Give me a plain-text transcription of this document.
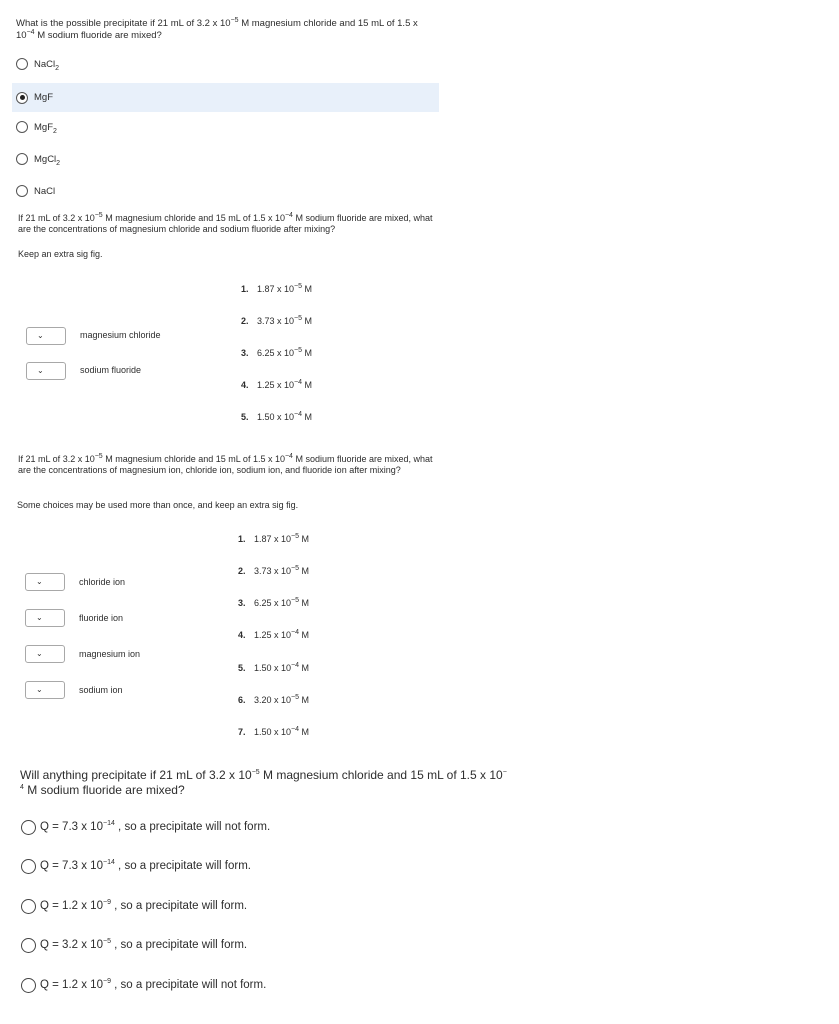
What is the possible precipitate if 21 mL of 3.2 x $10^{-5}$ M magnesium chloride and 15 mL of 1.5 x $10^{-4}$ M sodium fluoride are mixed?
NaCl$_2$
MgF
MgF$_2$
MgCl$_2$
NaCl
If 21 mL of 3.2 x $10^{-5}$ M magnesium chloride and 15 mL of 1.5 x $10^{-4}$ M sodium fluoride are mixed, what are the concentrations of magnesium chloride and sodium fluoride after mixing?
Keep an extra sig fig.
⌄	magnesium chloride
⌄	sodium fluoride
1. 1.87 x $10^{-5}$ M
2. 3.73 x $10^{-5}$ M
3. 6.25 x $10^{-5}$ M
4. 1.25 x $10^{-4}$ M
5. 1.50 x $10^{-4}$ M
If 21 mL of 3.2 x $10^{-5}$ M magnesium chloride and 15 mL of 1.5 x $10^{-4}$ M sodium fluoride are mixed, what are the concentrations of magnesium ion, chloride ion, sodium ion, and fluoride ion after mixing?
Some choices may be used more than once, and keep an extra sig fig.
⌄	chloride ion
⌄	fluoride ion
⌄	magnesium ion
⌄	sodium ion
1. 1.87 x $10^{-5}$ M
2. 3.73 x $10^{-5}$ M
3. 6.25 x $10^{-5}$ M
4. 1.25 x $10^{-4}$ M
5. 1.50 x $10^{-4}$ M
6. 3.20 x $10^{-5}$ M
7. 1.50 x $10^{-4}$ M
Will anything precipitate if 21 mL of 3.2 x $10^{-5}$ M magnesium chloride and 15 mL of 1.5 x 10−
$^4$ M sodium fluoride are mixed?
Q = 7.3 x $10^{-14}$ , so a precipitate will not form.
Q = 7.3 x $10^{-14}$ , so a precipitate will form.
Q = 1.2 x $10^{-9}$ , so a precipitate will form.
Q = 3.2 x $10^{-5}$ , so a precipitate will form.
Q = 1.2 x $10^{-9}$ , so a precipitate will not form.
